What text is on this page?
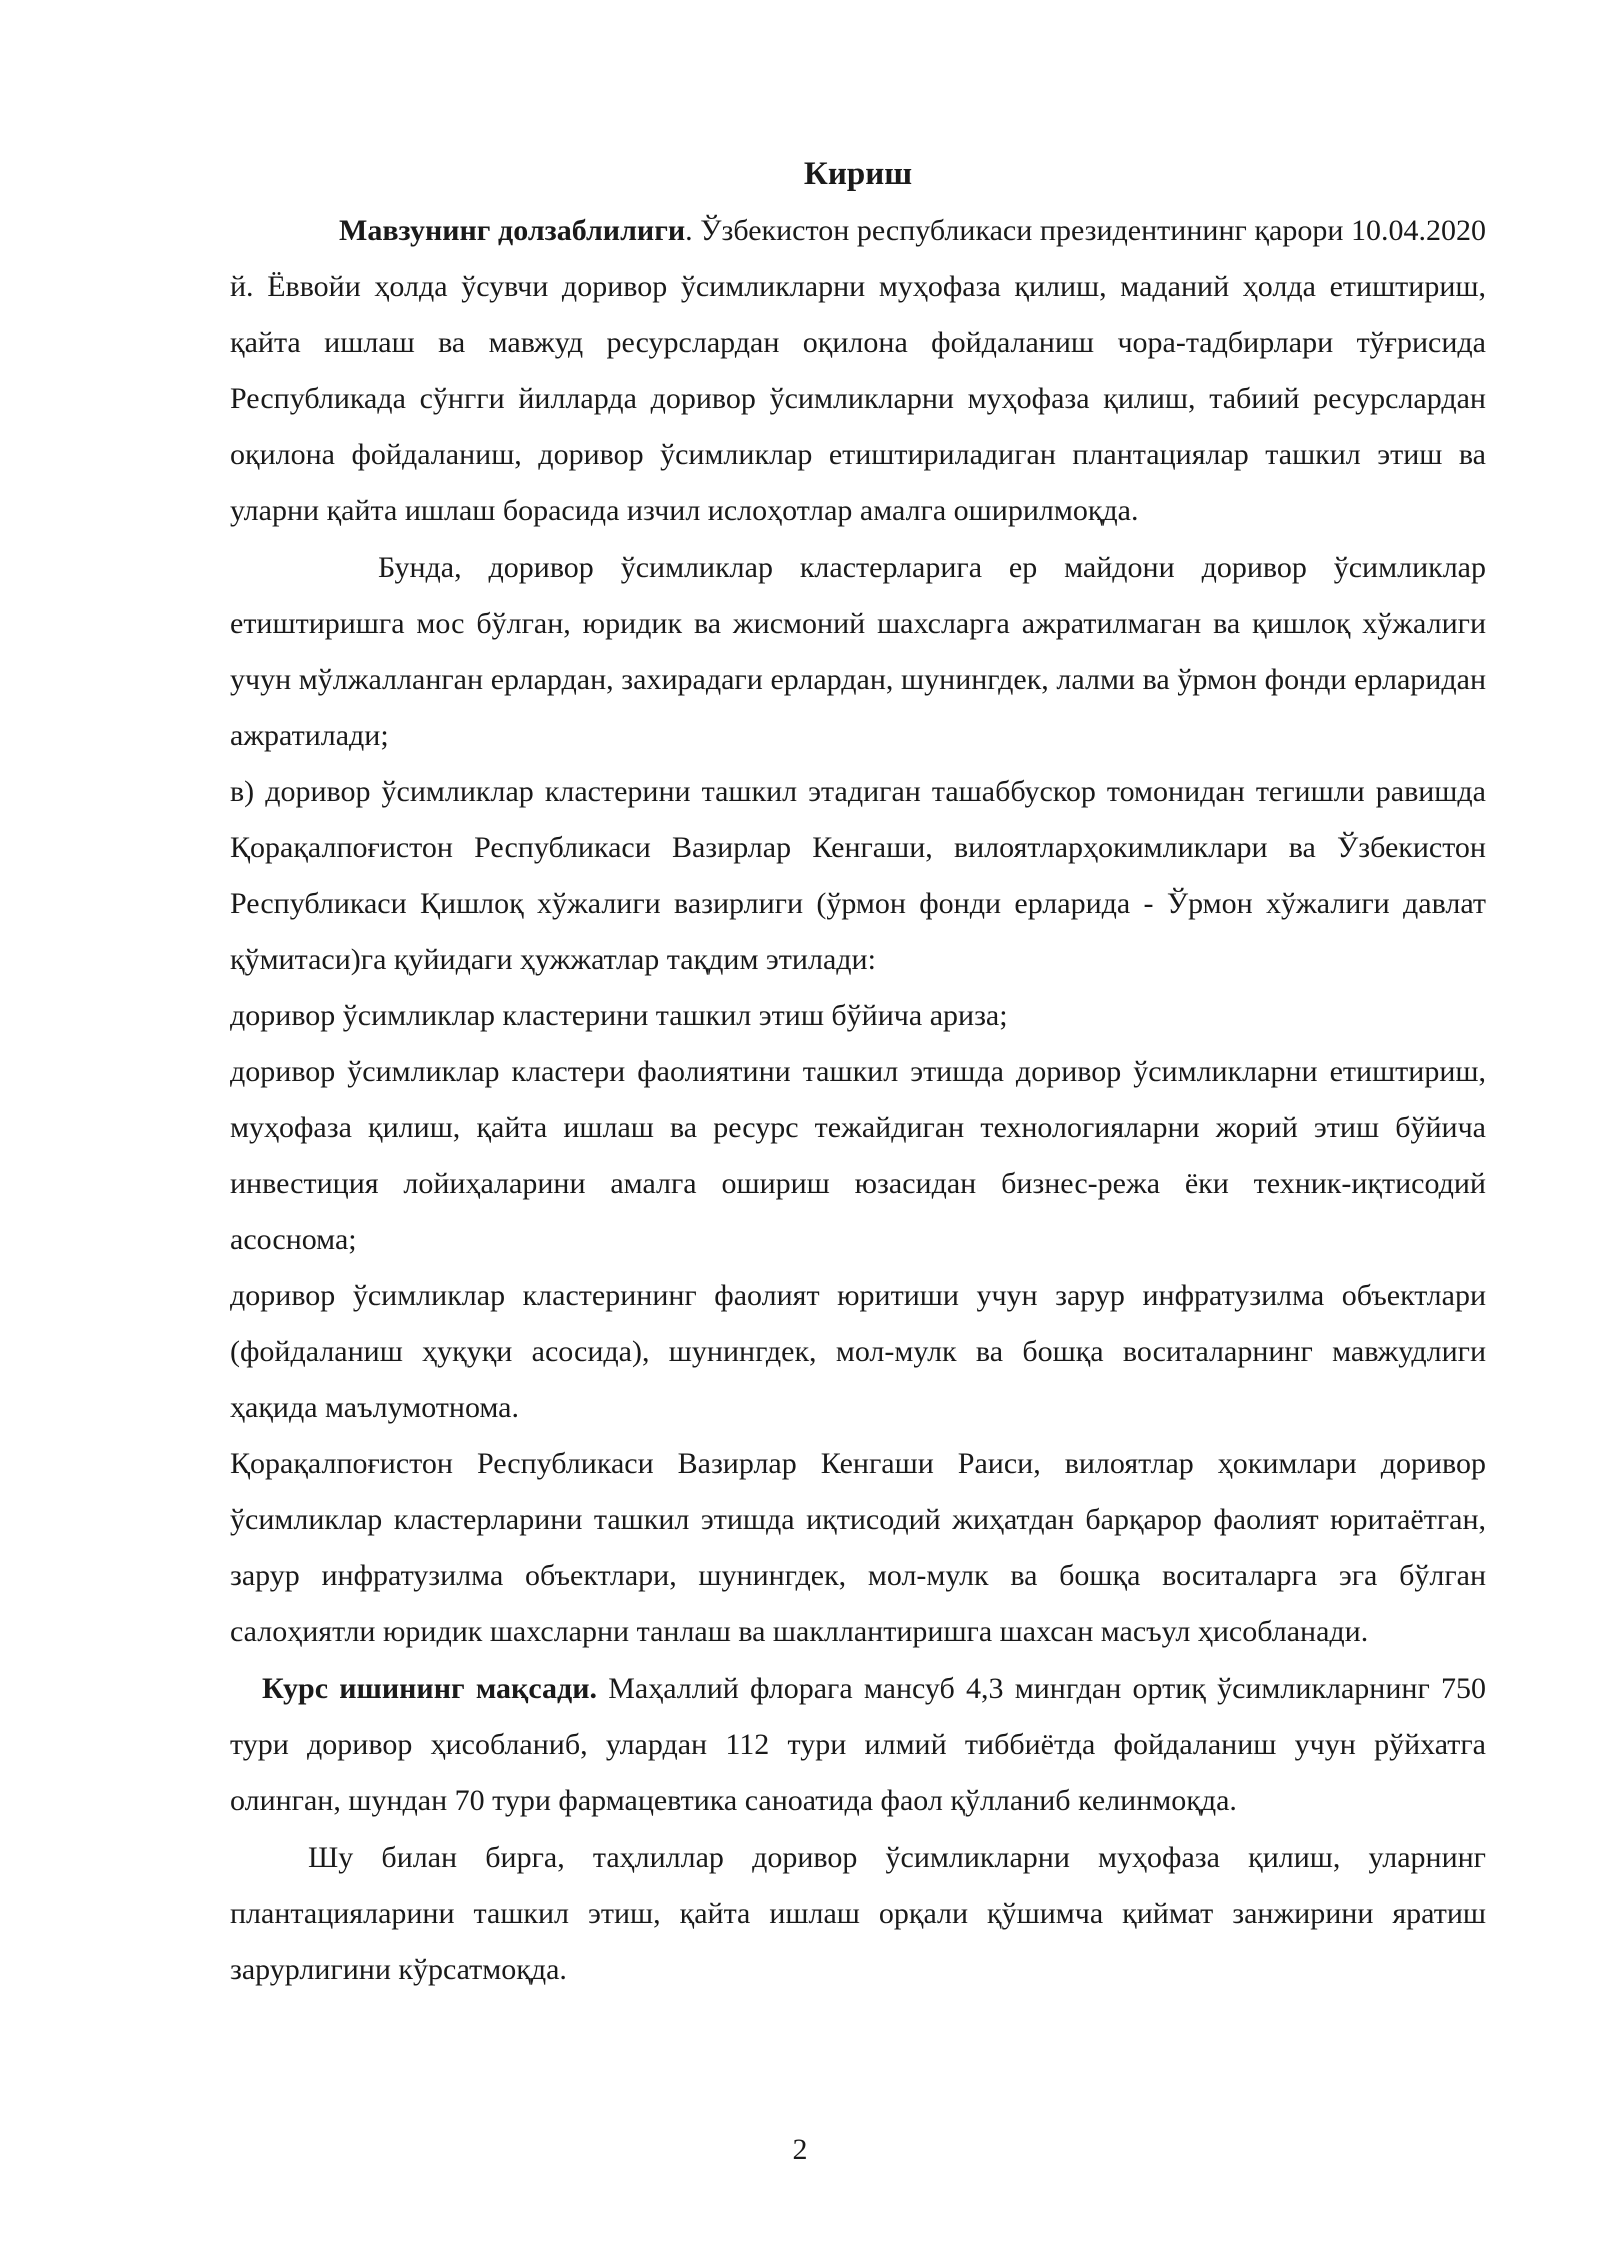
Кириш

Мавзунинг долзаблилиги. Ўзбекистон республикаси президентининг қарори 10.04.2020 й. Ёввойи ҳолда ўсувчи доривор ўсимликларни муҳофаза қилиш, маданий ҳолда етиштириш, қайта ишлаш ва мавжуд ресурслардан оқилона фойдаланиш чора-тадбирлари тўғрисида Республикада сўнгги йилларда доривор ўсимликларни муҳофаза қилиш, табиий ресурслардан оқилона фойдаланиш, доривор ўсимликлар етиштириладиган плантациялар ташкил этиш ва уларни қайта ишлаш борасида изчил ислоҳотлар амалга оширилмоқда.

Бунда, доривор ўсимликлар кластерларига ер майдони доривор ўсимликлар етиштиришга мос бўлган, юридик ва жисмоний шахсларга ажратилмаган ва қишлоқ хўжалиги учун мўлжалланган ерлардан, захирадаги ерлардан, шунингдек, лалми ва ўрмон фонди ерларидан ажратилади;

в) доривор ўсимликлар кластерини ташкил этадиган ташаббускор томонидан тегишли равишда Қорақалпоғистон Республикаси Вазирлар Кенгаши, вилоятларҳокимликлари ва Ўзбекистон Республикаси Қишлоқ хўжалиги вазирлиги (ўрмон фонди ерларида - Ўрмон хўжалиги давлат қўмитаси)га қуйидаги ҳужжатлар тақдим этилади:

доривор ўсимликлар кластерини ташкил этиш бўйича ариза;

доривор ўсимликлар кластери фаолиятини ташкил этишда доривор ўсимликларни етиштириш, муҳофаза қилиш, қайта ишлаш ва ресурс тежайдиган технологияларни жорий этиш бўйича инвестиция лойиҳаларини амалга ошириш юзасидан бизнес-режа ёки техник-иқтисодий асоснома;

доривор ўсимликлар кластерининг фаолият юритиши учун зарур инфратузилма объектлари (фойдаланиш ҳуқуқи асосида), шунингдек, мол-мулк ва бошқа воситаларнинг мавжудлиги ҳақида маълумотнома.

Қорақалпоғистон Республикаси Вазирлар Кенгаши Раиси, вилоятлар ҳокимлари доривор ўсимликлар кластерларини ташкил этишда иқтисодий жиҳатдан барқарор фаолият юритаётган, зарур инфратузилма объектлари, шунингдек, мол-мулк ва бошқа воситаларга эга бўлган салоҳиятли юридик шахсларни танлаш ва шакллантиришга шахсан масъул ҳисобланади.

Курс ишининг мақсади. Маҳаллий флорага мансуб 4,3 мингдан ортиқ ўсимликларнинг 750 тури доривор ҳисобланиб, улардан 112 тури илмий тиббиётда фойдаланиш учун рўйхатга олинган, шундан 70 тури фармацевтика саноатида фаол қўлланиб келинмоқда.

Шу билан бирга, таҳлиллар доривор ўсимликларни муҳофаза қилиш, уларнинг плантацияларини ташкил этиш, қайта ишлаш орқали қўшимча қиймат занжирини яратиш зарурлигини кўрсатмоқда.

2
